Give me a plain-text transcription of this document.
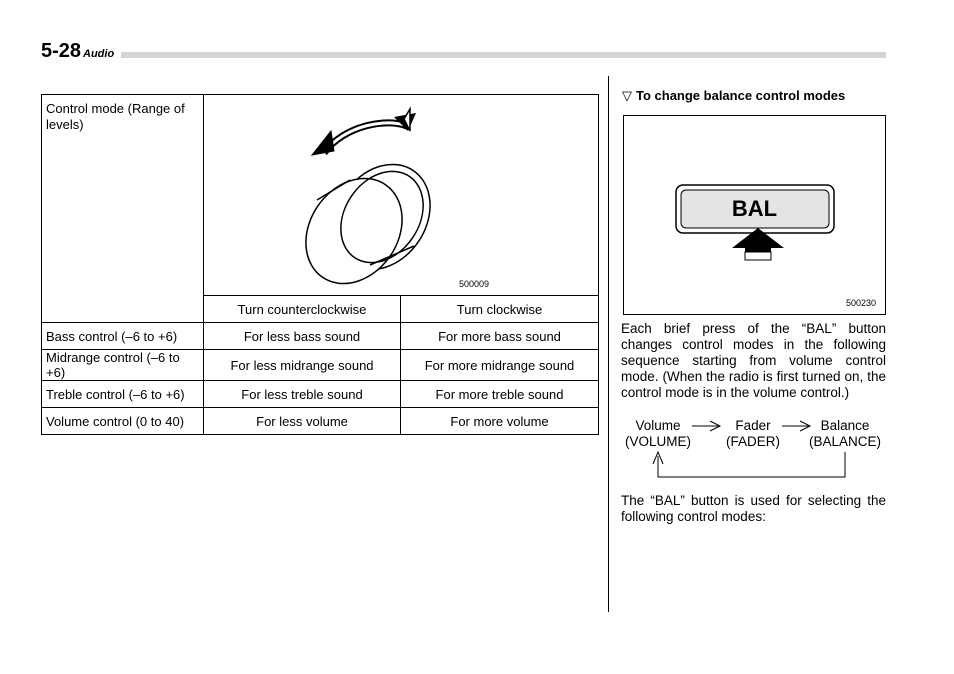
5-28 Audio
Control mode (Range of levels)	500009	

	Turn counterclockwise	Turn clockwise
Bass control (–6 to +6)	For less bass sound	For more bass sound
Midrange control (–6 to +6)	For less midrange sound	For more midrange sound
Treble control (–6 to +6)	For less treble sound	For more treble sound
Volume control (0 to 40)	For less volume	For more volume
▽ To change balance control modes
BAL
500230
Each brief press of the “BAL” button changes control modes in the following sequence starting from volume control mode. (When the radio is first turned on, the control mode is in the volume control.)
Volume
(VOLUME)
Fader
(FADER)
Balance
(BALANCE)
The “BAL” button is used for selecting the following control modes:
